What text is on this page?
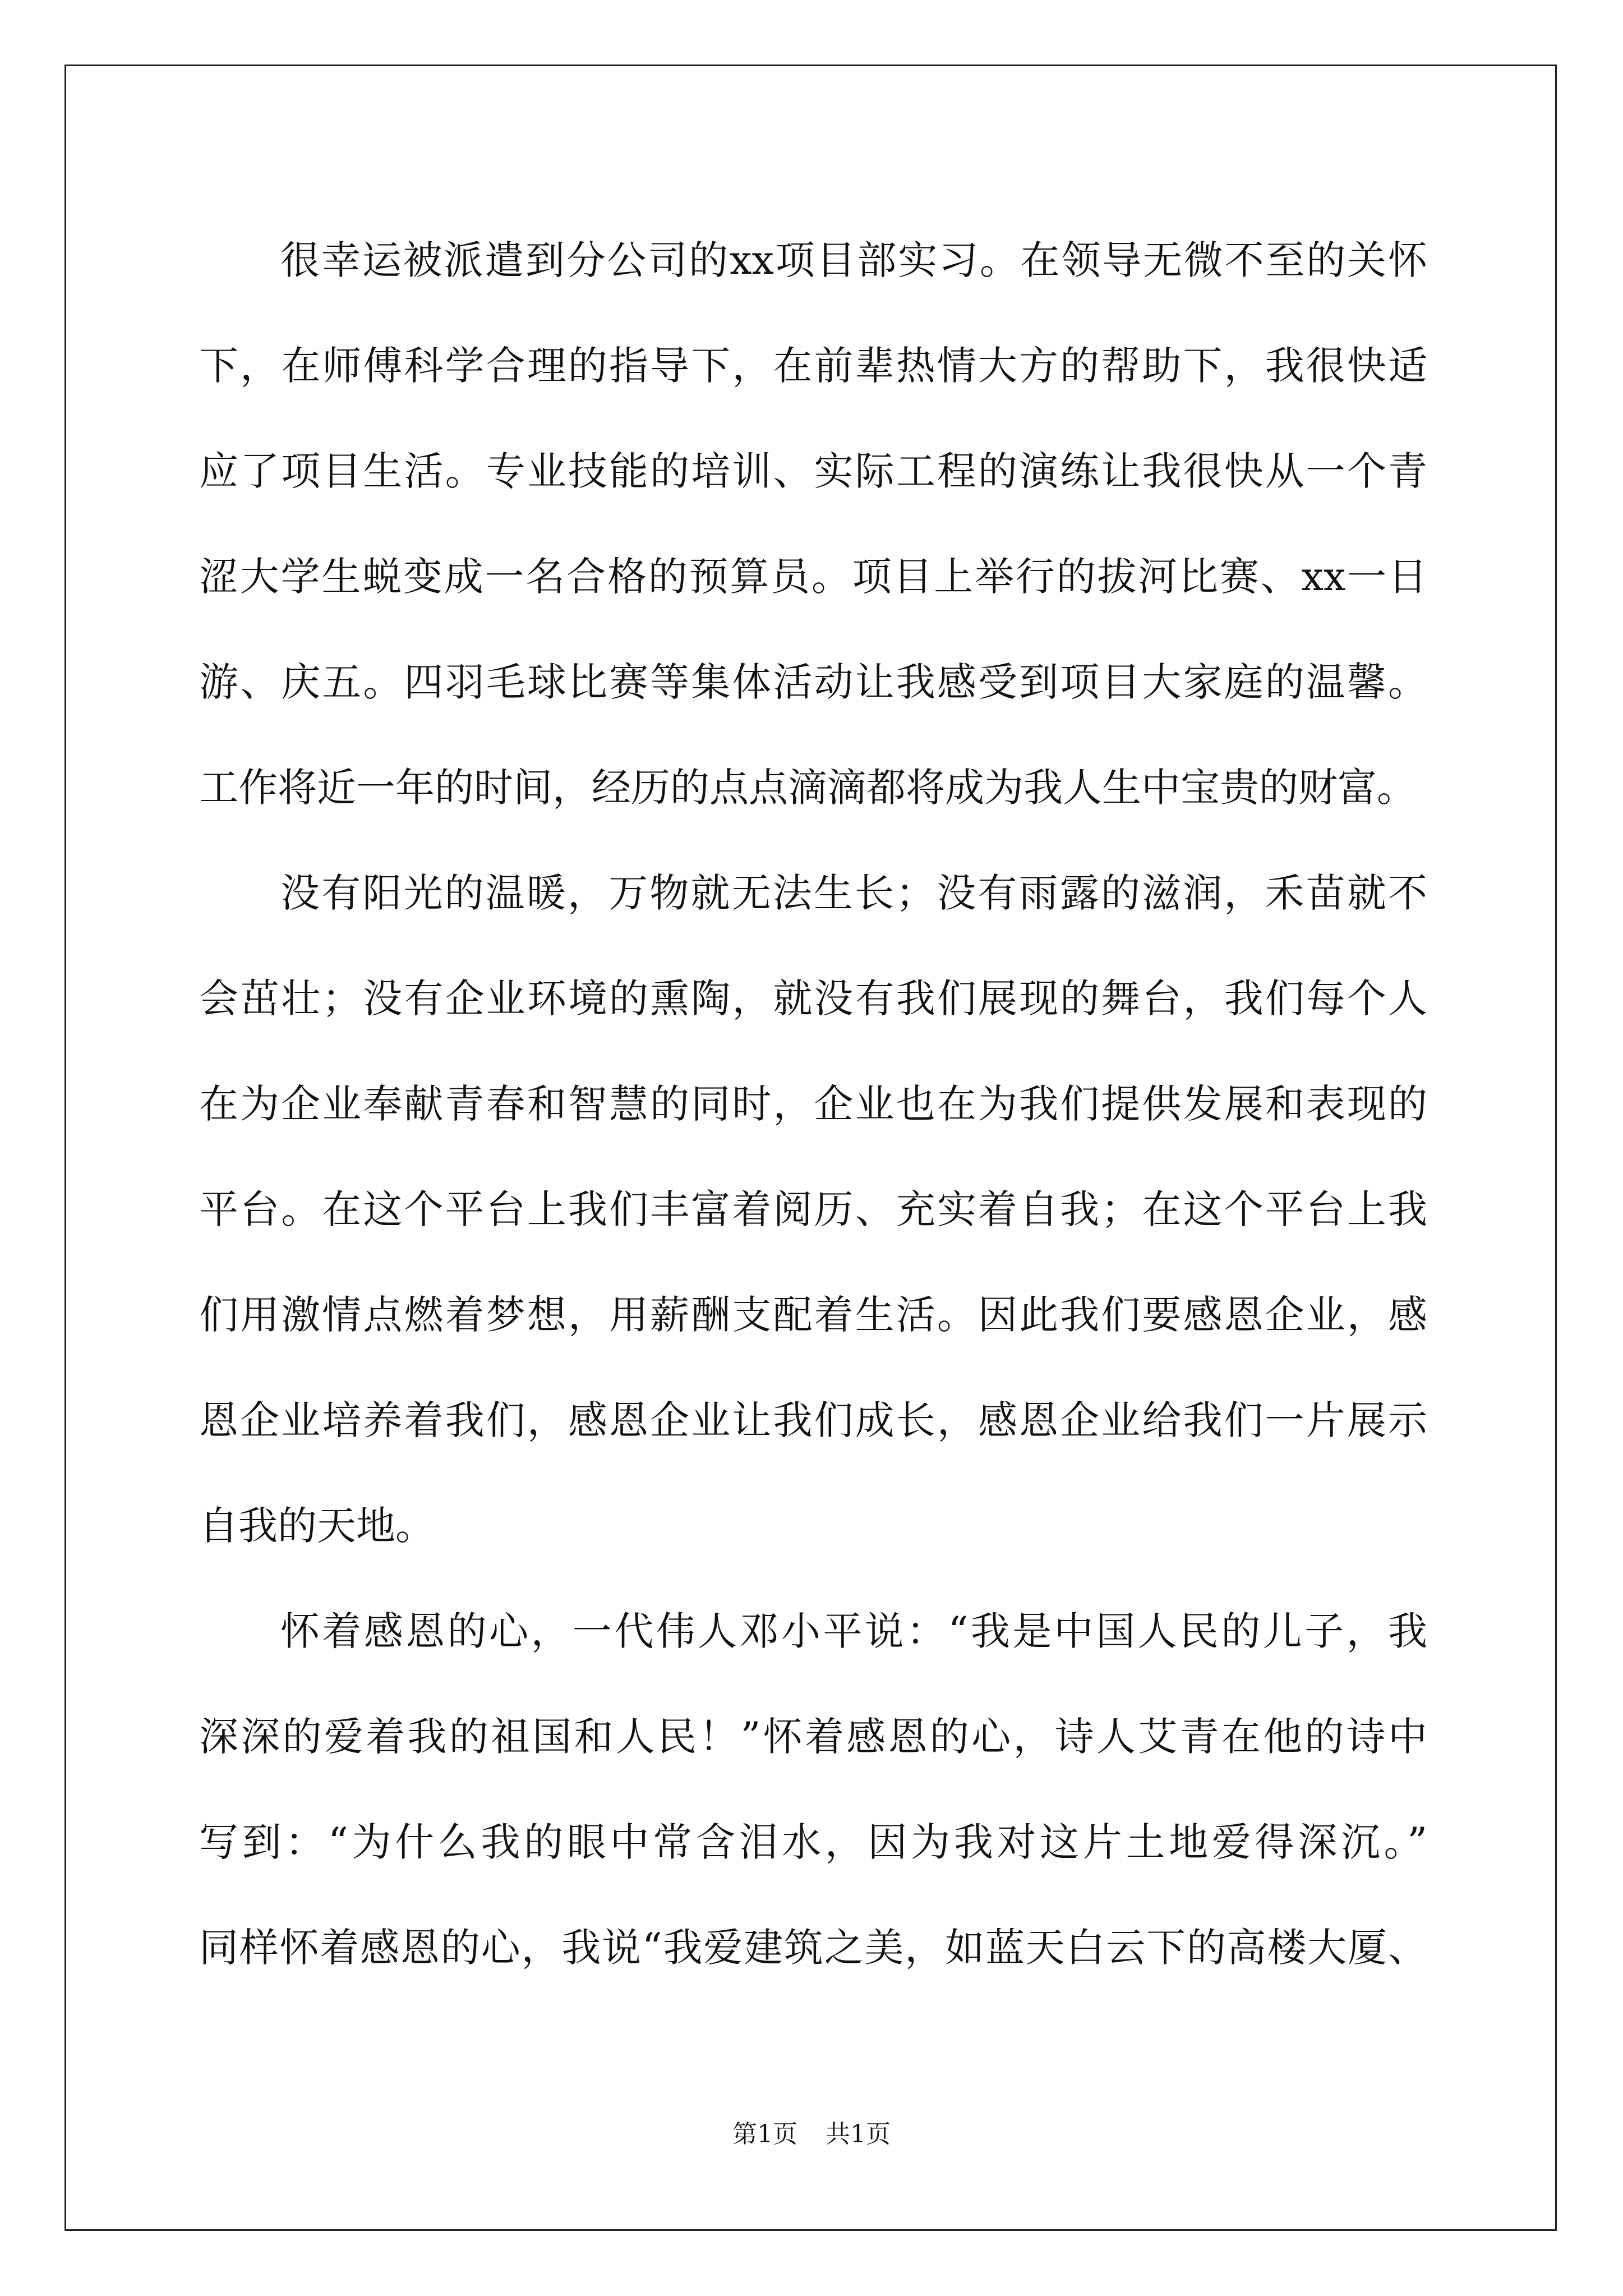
很幸运被派遣到分公司的xx项目部实习。在领导无微不至的关怀
下，在师傅科学合理的指导下，在前辈热情大方的帮助下，我很快适
应了项目生活。专业技能的培训、实际工程的演练让我很快从一个青
涩大学生蜕变成一名合格的预算员。项目上举行的拔河比赛、xx一日
游、庆五。四羽毛球比赛等集体活动让我感受到项目大家庭的温馨。
工作将近一年的时间，经历的点点滴滴都将成为我人生中宝贵的财富。
没有阳光的温暖，万物就无法生长；没有雨露的滋润，禾苗就不
会茁壮；没有企业环境的熏陶，就没有我们展现的舞台，我们每个人
在为企业奉献青春和智慧的同时，企业也在为我们提供发展和表现的
平台。在这个平台上我们丰富着阅历、充实着自我；在这个平台上我
们用激情点燃着梦想，用薪酬支配着生活。因此我们要感恩企业，感
恩企业培养着我们，感恩企业让我们成长，感恩企业给我们一片展示
自我的天地。
怀着感恩的心，一代伟人邓小平说：“我是中国人民的儿子，我
深深的爱着我的祖国和人民！”怀着感恩的心，诗人艾青在他的诗中
写到：“为什么我的眼中常含泪水，因为我对这片土地爱得深沉。”
同样怀着感恩的心，我说“我爱建筑之美，如蓝天白云下的高楼大厦、
第1页 共1页
